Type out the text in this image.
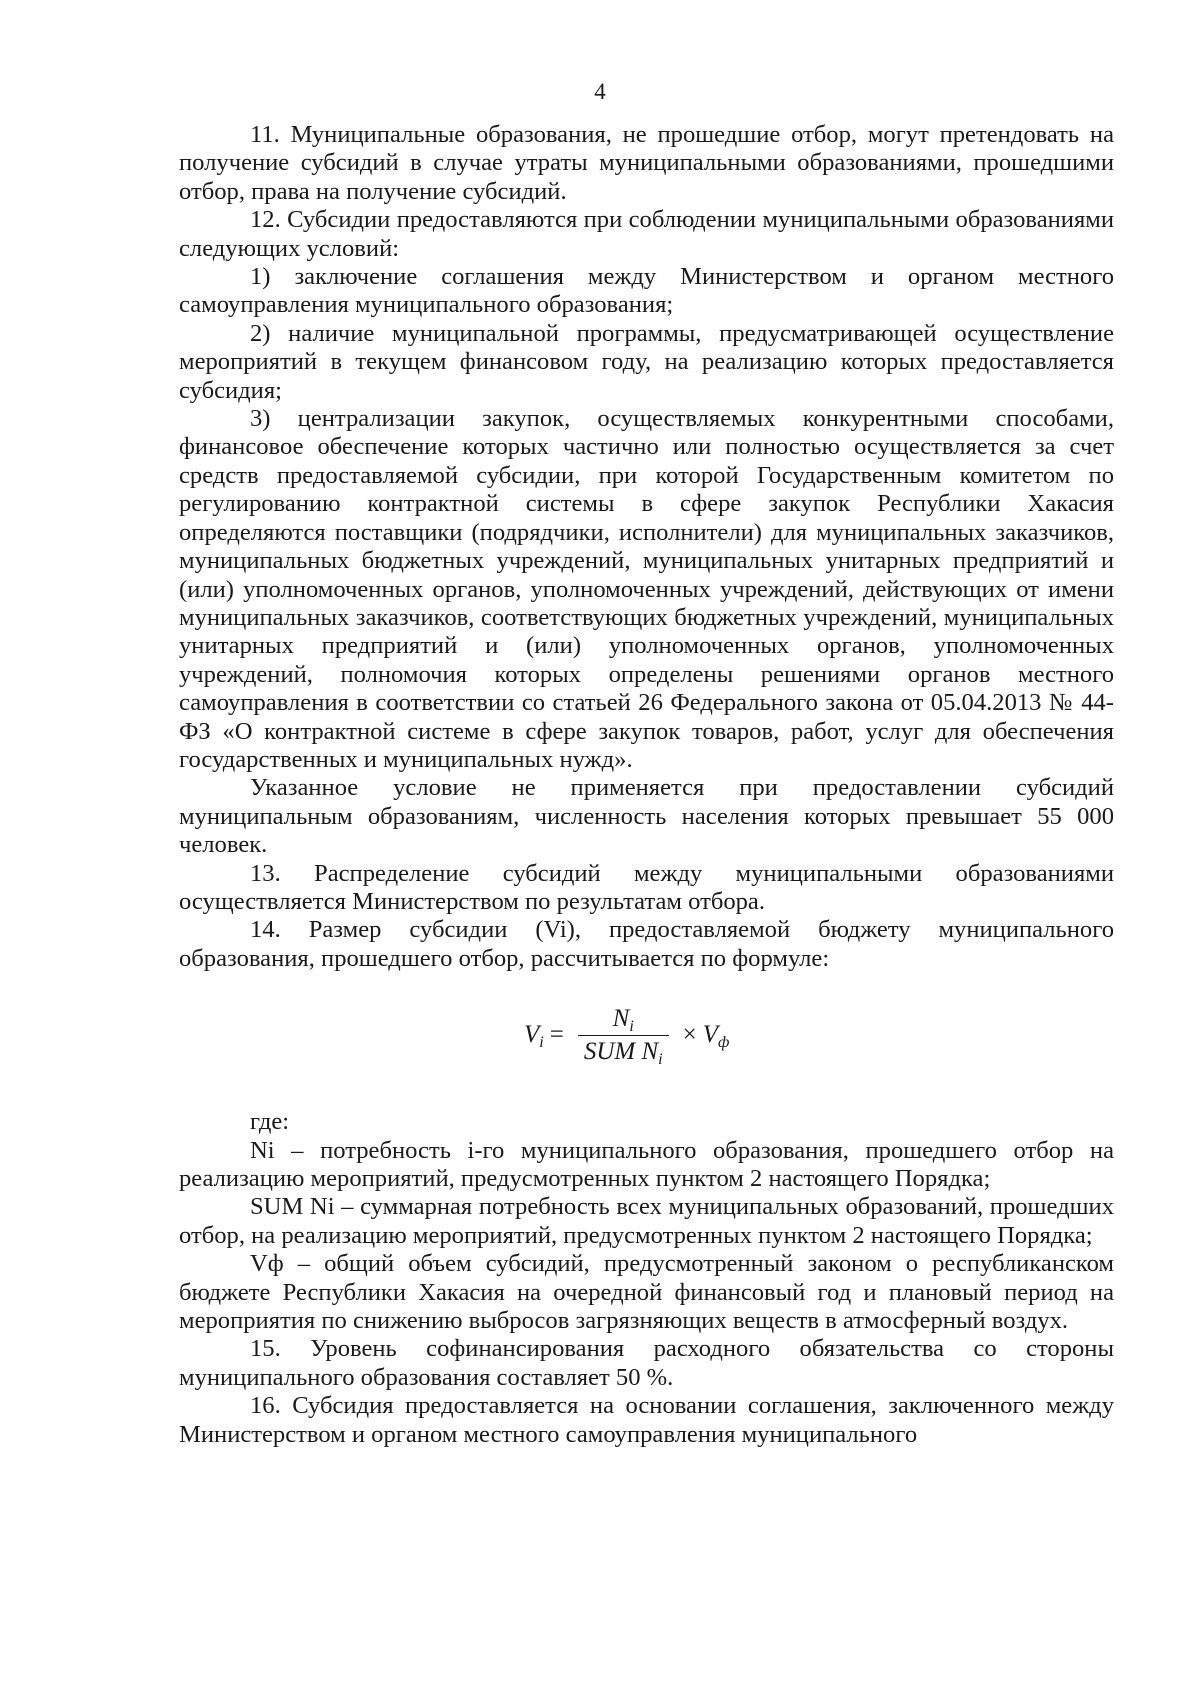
4

11. Муниципальные образования, не прошедшие отбор, могут претендовать на получение субсидий в случае утраты муниципальными образованиями, прошедшими отбор, права на получение субсидий.

12. Субсидии предоставляются при соблюдении муниципальными образованиями следующих условий:

1) заключение соглашения между Министерством и органом местного самоуправления муниципального образования;

2) наличие муниципальной программы, предусматривающей осуществление мероприятий в текущем финансовом году, на реализацию которых предоставляется субсидия;

3) централизации закупок, осуществляемых конкурентными способами, финансовое обеспечение которых частично или полностью осуществляется за счет средств предоставляемой субсидии, при которой Государственным комитетом по регулированию контрактной системы в сфере закупок Республики Хакасия определяются поставщики (подрядчики, исполнители) для муниципальных заказчиков, муниципальных бюджетных учреждений, муниципальных унитарных предприятий и (или) уполномоченных органов, уполномоченных учреждений, действующих от имени муниципальных заказчиков, соответствующих бюджетных учреждений, муниципальных унитарных предприятий и (или) уполномоченных органов, уполномоченных учреждений, полномочия которых определены решениями органов местного самоуправления в соответствии со статьей 26 Федерального закона от 05.04.2013 № 44-ФЗ «О контрактной системе в сфере закупок товаров, работ, услуг для обеспечения государственных и муниципальных нужд».

Указанное условие не применяется при предоставлении субсидий муниципальным образованиям, численность населения которых превышает 55 000 человек.

13. Распределение субсидий между муниципальными образованиями осуществляется Министерством по результатам отбора.

14. Размер субсидии (Vi), предоставляемой бюджету муниципального образования, прошедшего отбор, рассчитывается по формуле:

$V_i = \frac{N_i}{SUM N_i} \times V_ф$

где:

Ni – потребность i-го муниципального образования, прошедшего отбор на реализацию мероприятий, предусмотренных пунктом 2 настоящего Порядка;

SUM Ni – суммарная потребность всех муниципальных образований, прошедших отбор, на реализацию мероприятий, предусмотренных пунктом 2 настоящего Порядка;

Vф – общий объем субсидий, предусмотренный законом о республиканском бюджете Республики Хакасия на очередной финансовый год и плановый период на мероприятия по снижению выбросов загрязняющих веществ в атмосферный воздух.

15. Уровень софинансирования расходного обязательства со стороны муниципального образования составляет 50 %.

16. Субсидия предоставляется на основании соглашения, заключенного между Министерством и органом местного самоуправления муниципального
